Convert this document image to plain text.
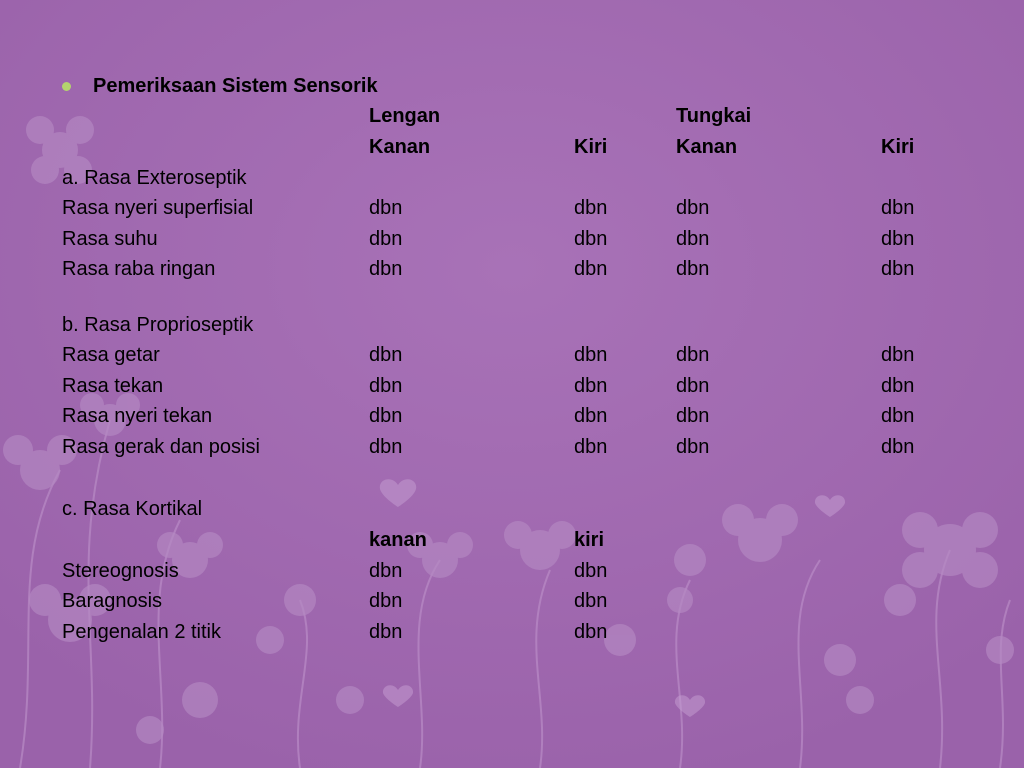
Pemeriksaan Sistem Sensorik
Lengan	Tungkai
Kanan	Kiri	Kanan	Kiri
a. Rasa Exteroseptik
Rasa nyeri superfisial	dbn	dbn	dbn	dbn
Rasa suhu	dbn	dbn	dbn	dbn
Rasa raba ringan	dbn	dbn	dbn	dbn
b. Rasa Proprioseptik
Rasa getar	dbn	dbn	dbn	dbn
Rasa tekan	dbn	dbn	dbn	dbn
Rasa nyeri tekan	dbn	dbn	dbn	dbn
Rasa gerak dan posisi	dbn	dbn	dbn	dbn
c. Rasa Kortikal
kanan	kiri
Stereognosis	dbn	dbn
Baragnosis	dbn	dbn
Pengenalan 2 titik	dbn	dbn
